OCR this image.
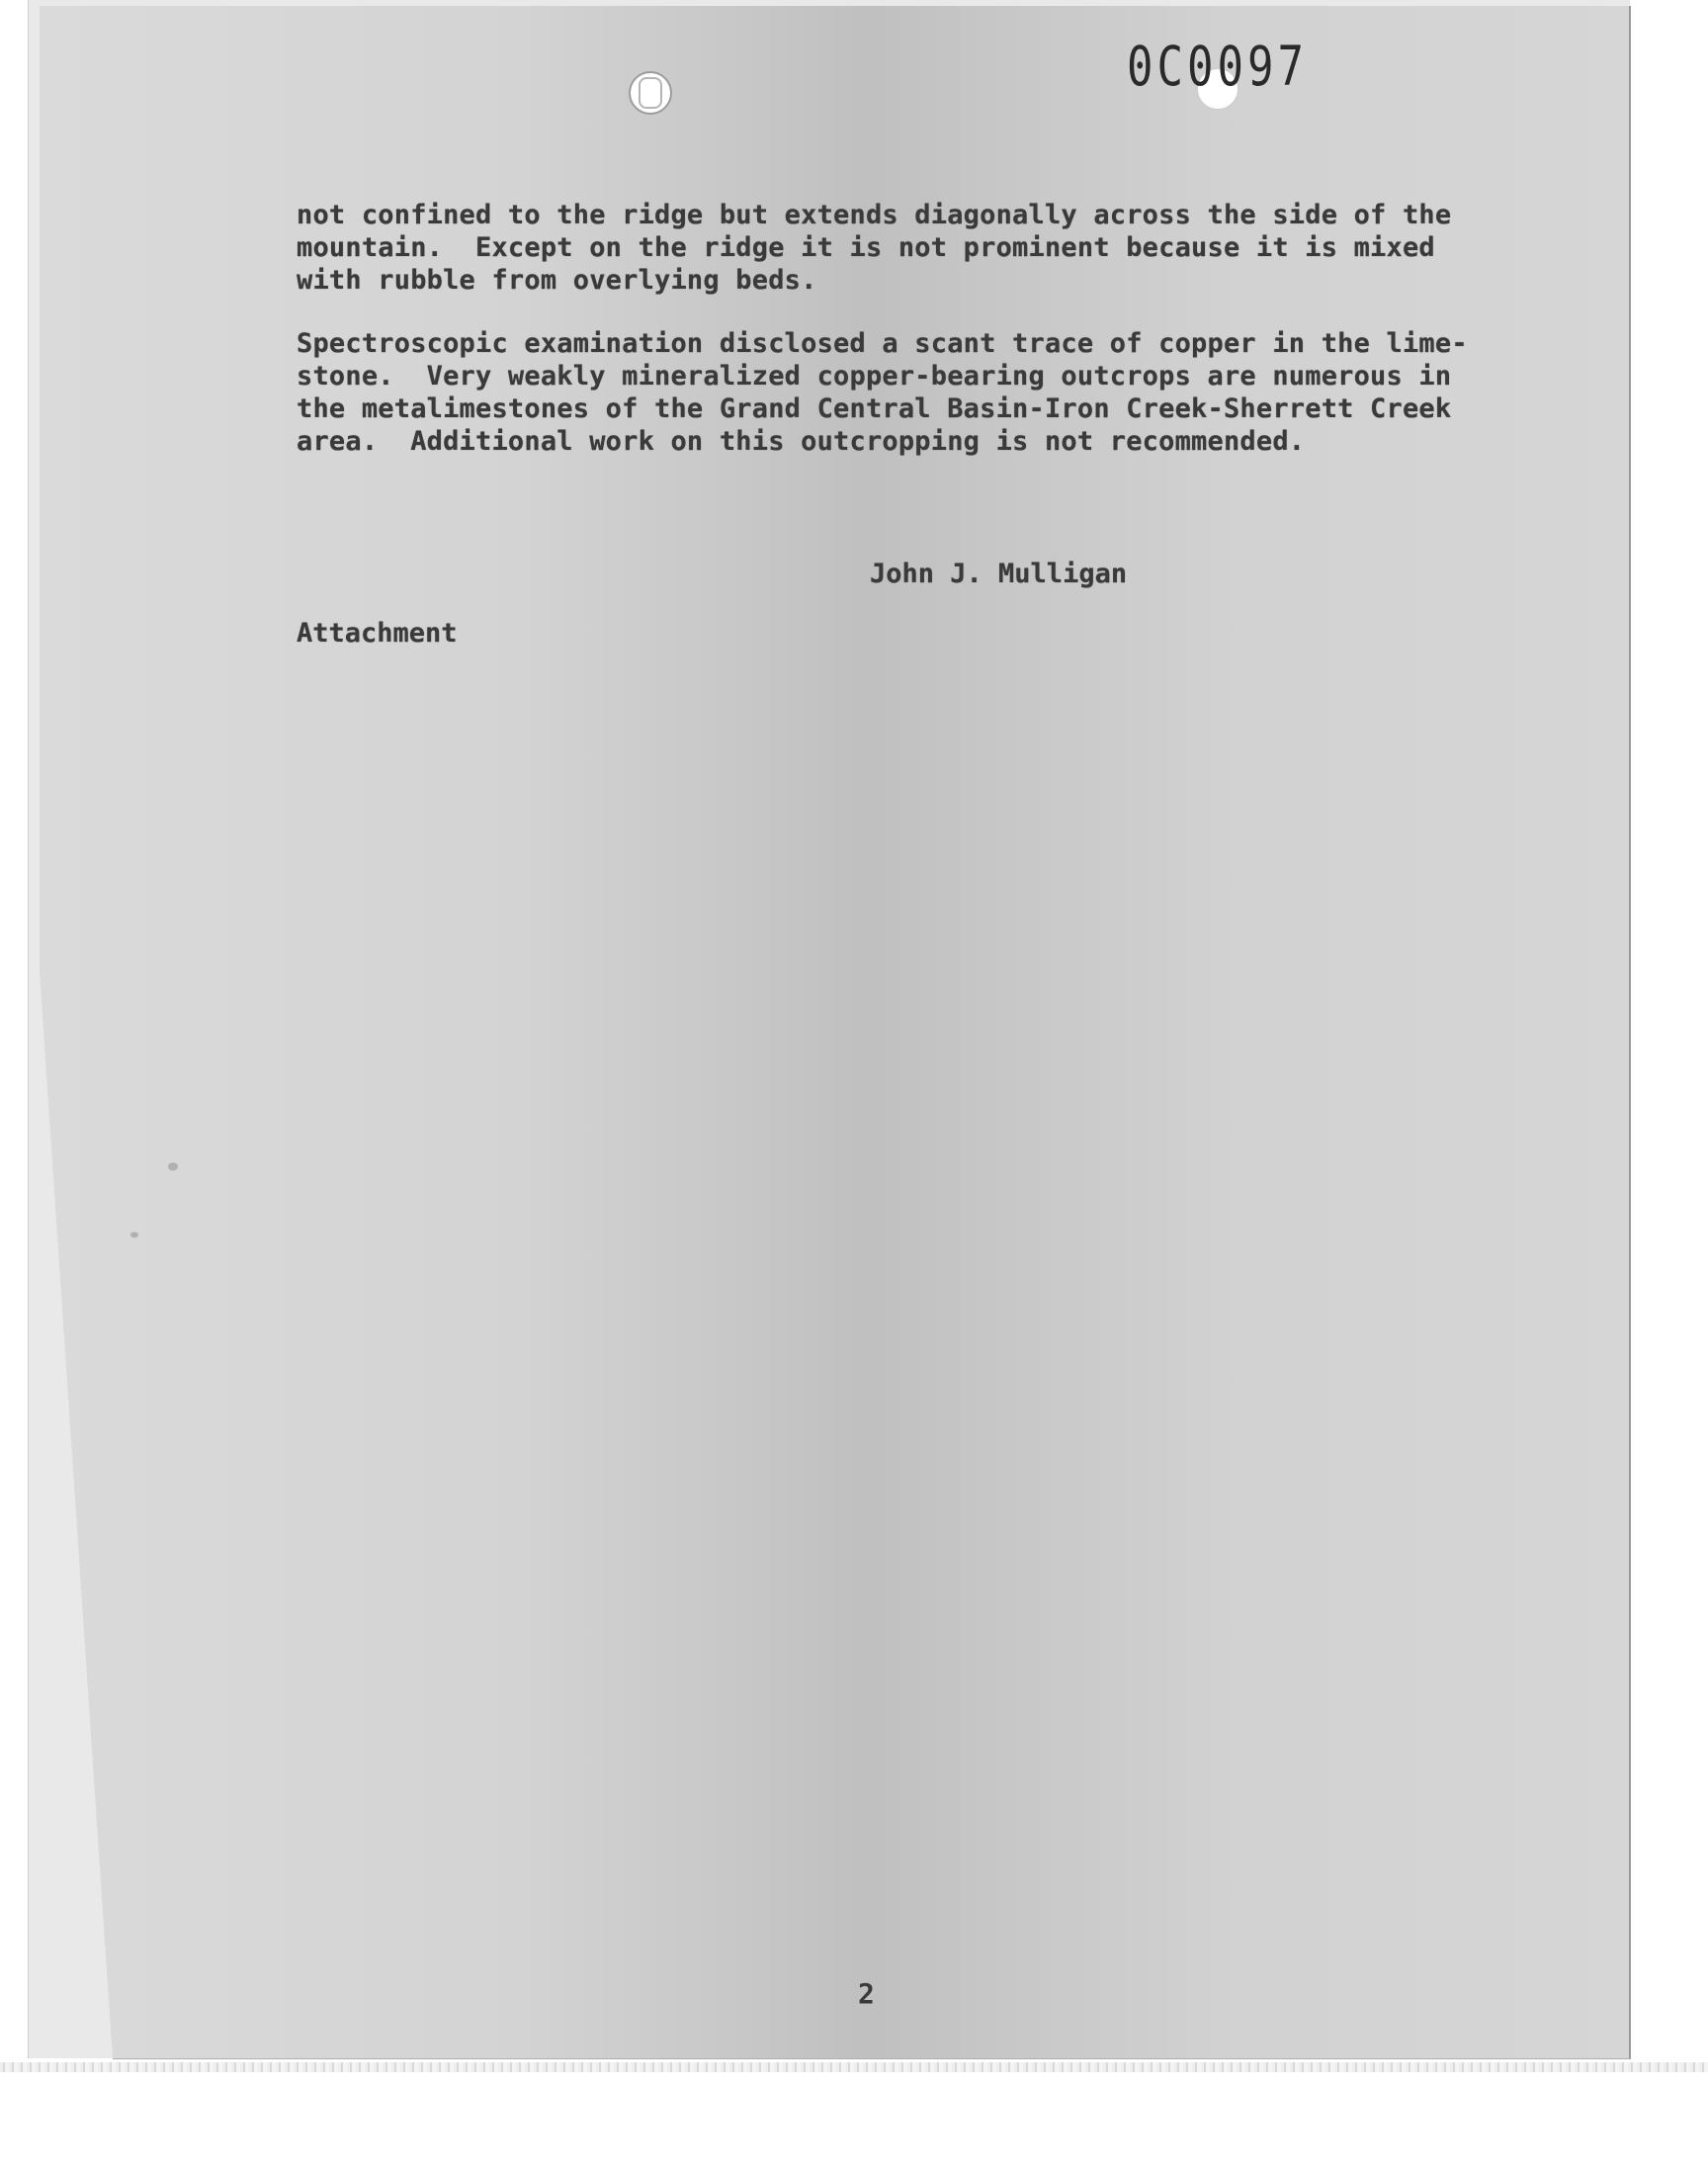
0C0097
not confined to the ridge but extends diagonally across the side of the
mountain.  Except on the ridge it is not prominent because it is mixed
with rubble from overlying beds.
Spectroscopic examination disclosed a scant trace of copper in the lime-
stone.  Very weakly mineralized copper-bearing outcrops are numerous in
the metalimestones of the Grand Central Basin-Iron Creek-Sherrett Creek
area.  Additional work on this outcropping is not recommended.
John J. Mulligan
Attachment
2
